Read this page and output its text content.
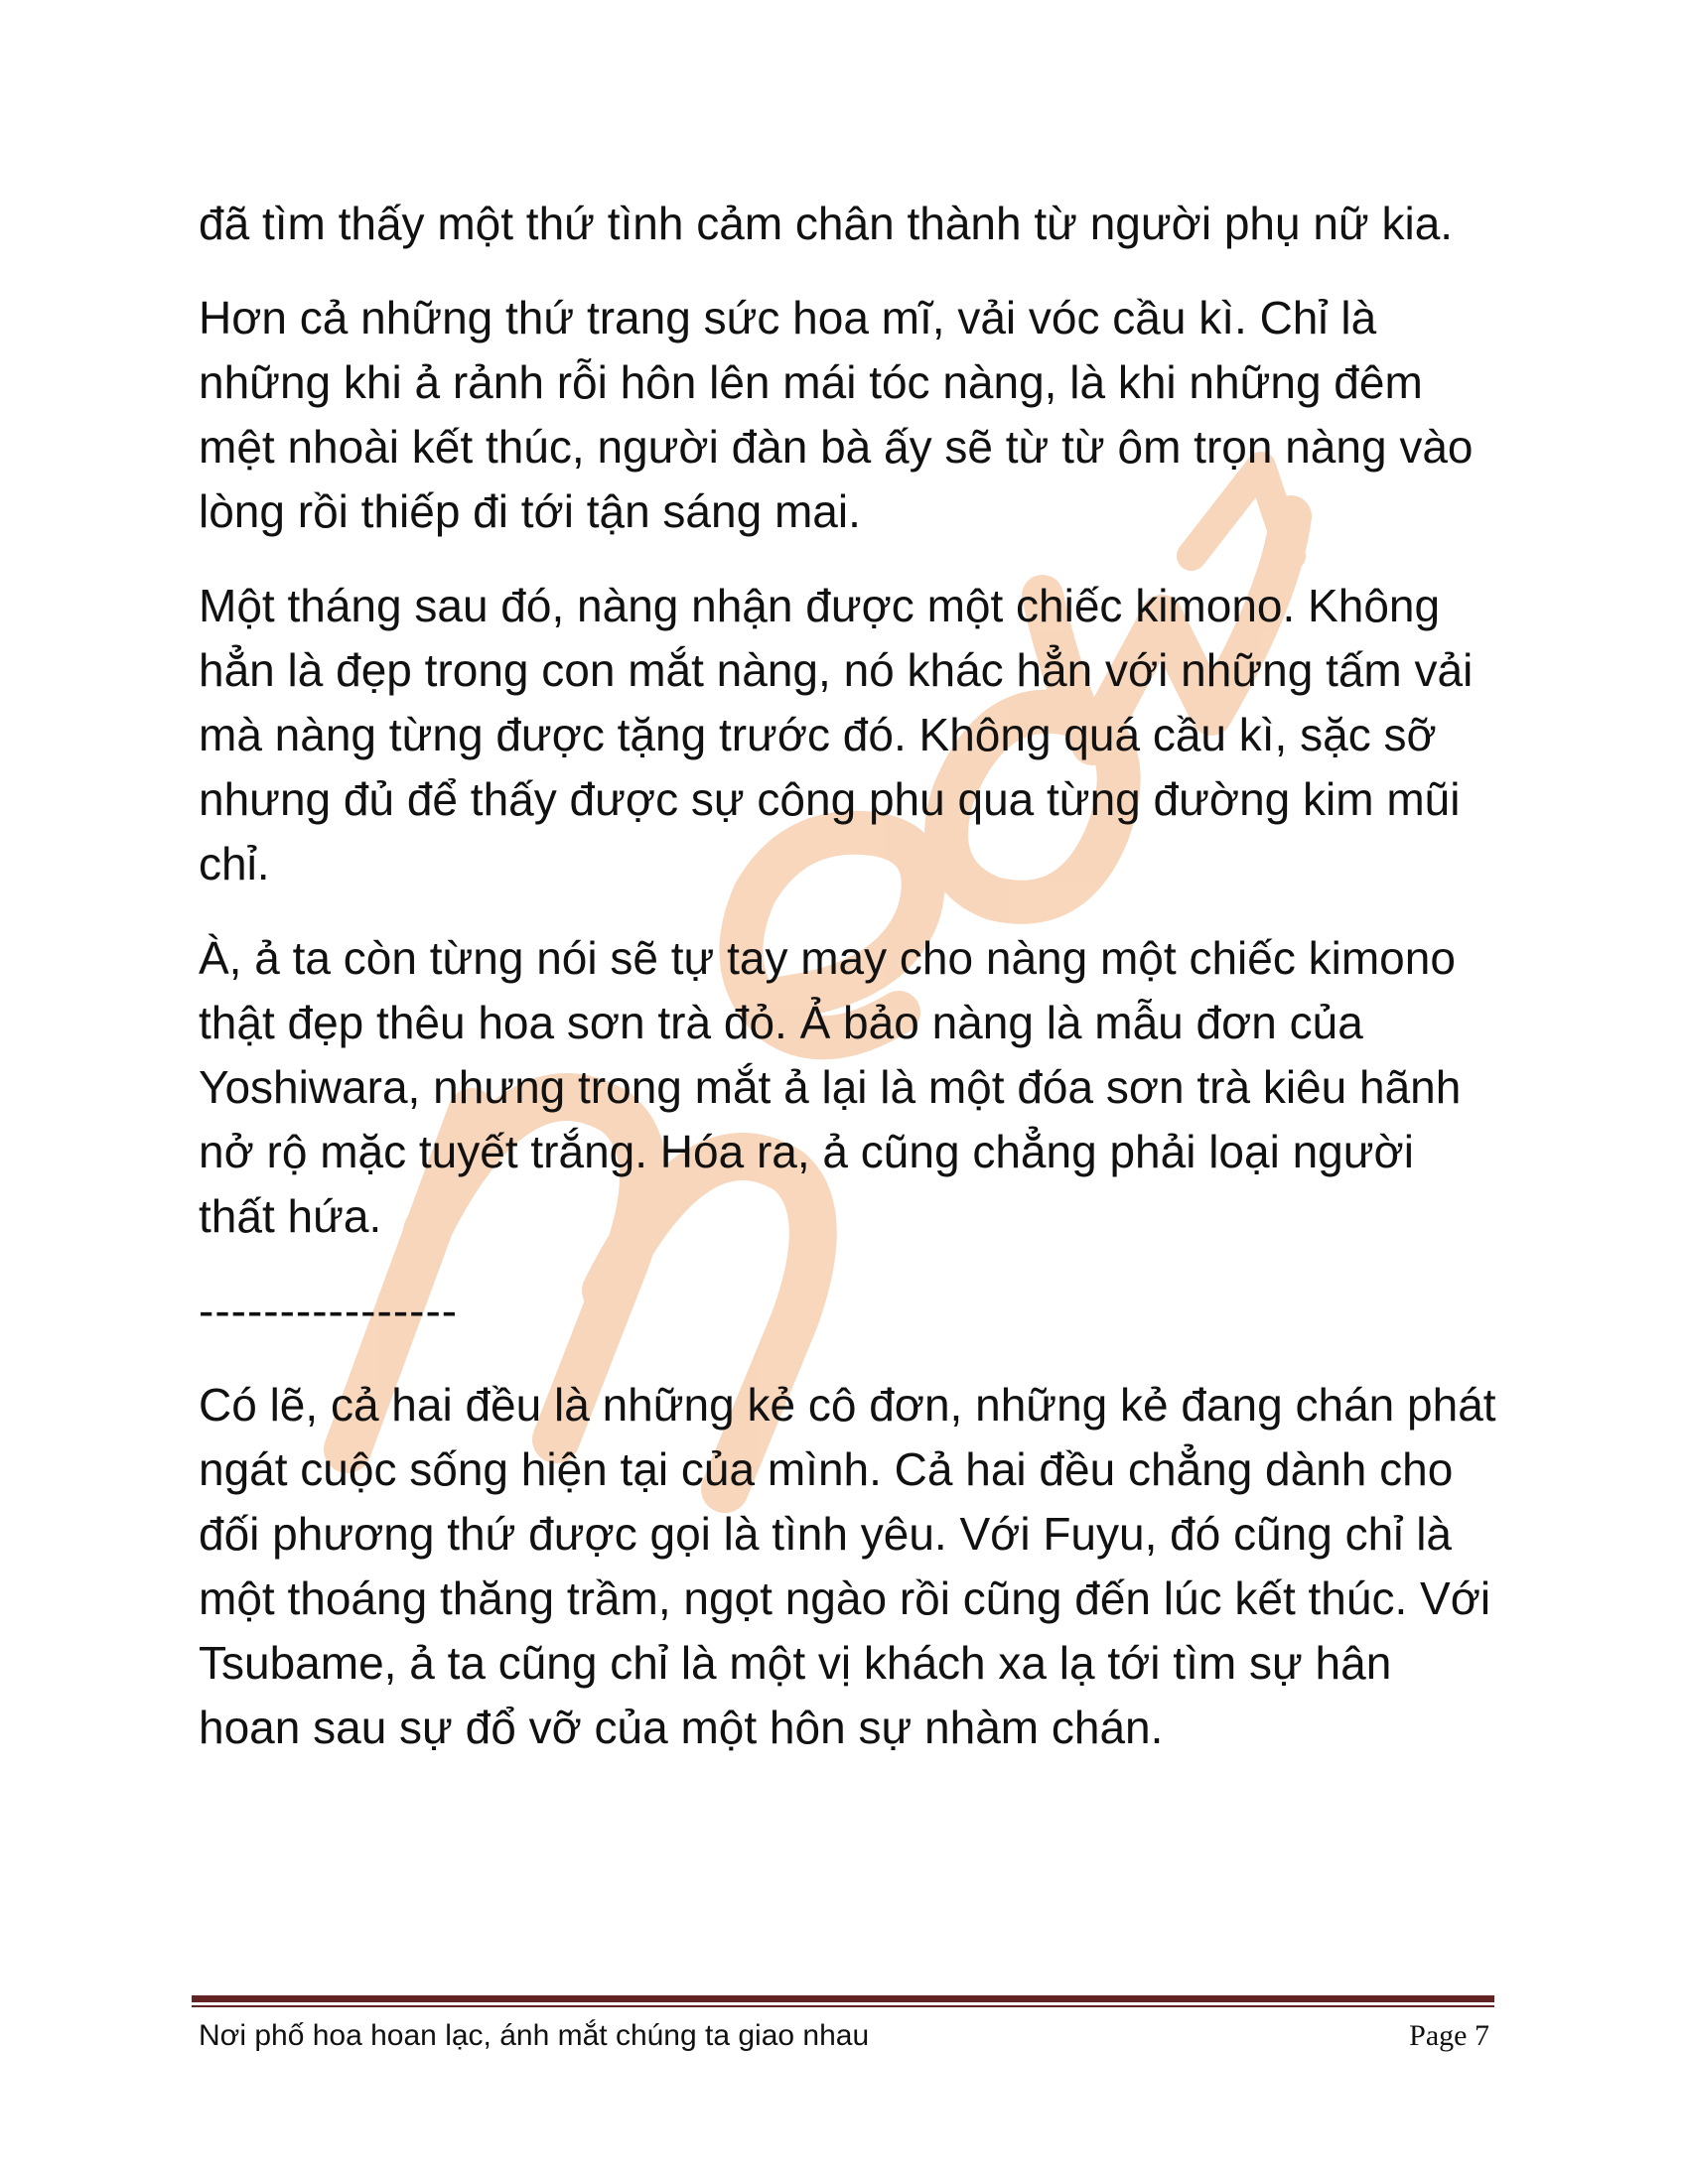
đã tìm thấy một thứ tình cảm chân thành từ người phụ nữ kia.

Hơn cả những thứ trang sức hoa mĩ, vải vóc cầu kì. Chỉ là những khi ả rảnh rỗi hôn lên mái tóc nàng, là khi những đêm mệt nhoài kết thúc, người đàn bà ấy sẽ từ từ ôm trọn nàng vào lòng rồi thiếp đi tới tận sáng mai.

Một tháng sau đó, nàng nhận được một chiếc kimono. Không hẳn là đẹp trong con mắt nàng, nó khác hẳn với những tấm vải mà nàng từng được tặng trước đó. Không quá cầu kì, sặc sỡ nhưng đủ để thấy được sự công phu qua từng đường kim mũi chỉ.

À, ả ta còn từng nói sẽ tự tay may cho nàng một chiếc kimono thật đẹp thêu hoa sơn trà đỏ. Ả bảo nàng là mẫu đơn của Yoshiwara, nhưng trong mắt ả lại là một đóa sơn trà kiêu hãnh nở rộ mặc tuyết trắng. Hóa ra, ả cũng chẳng phải loại người thất hứa.

----------------

Có lẽ, cả hai đều là những kẻ cô đơn, những kẻ đang chán phát ngát cuộc sống hiện tại của mình. Cả hai đều chẳng dành cho đối phương thứ được gọi là tình yêu. Với Fuyu, đó cũng chỉ là một thoáng thăng trầm, ngọt ngào rồi cũng đến lúc kết thúc. Với Tsubame, ả ta cũng chỉ là một vị khách xa lạ tới tìm sự hân hoan sau sự đổ vỡ của một hôn sự nhàm chán.

Nơi phố hoa hoan lạc, ánh mắt chúng ta giao nhau	Page 7
